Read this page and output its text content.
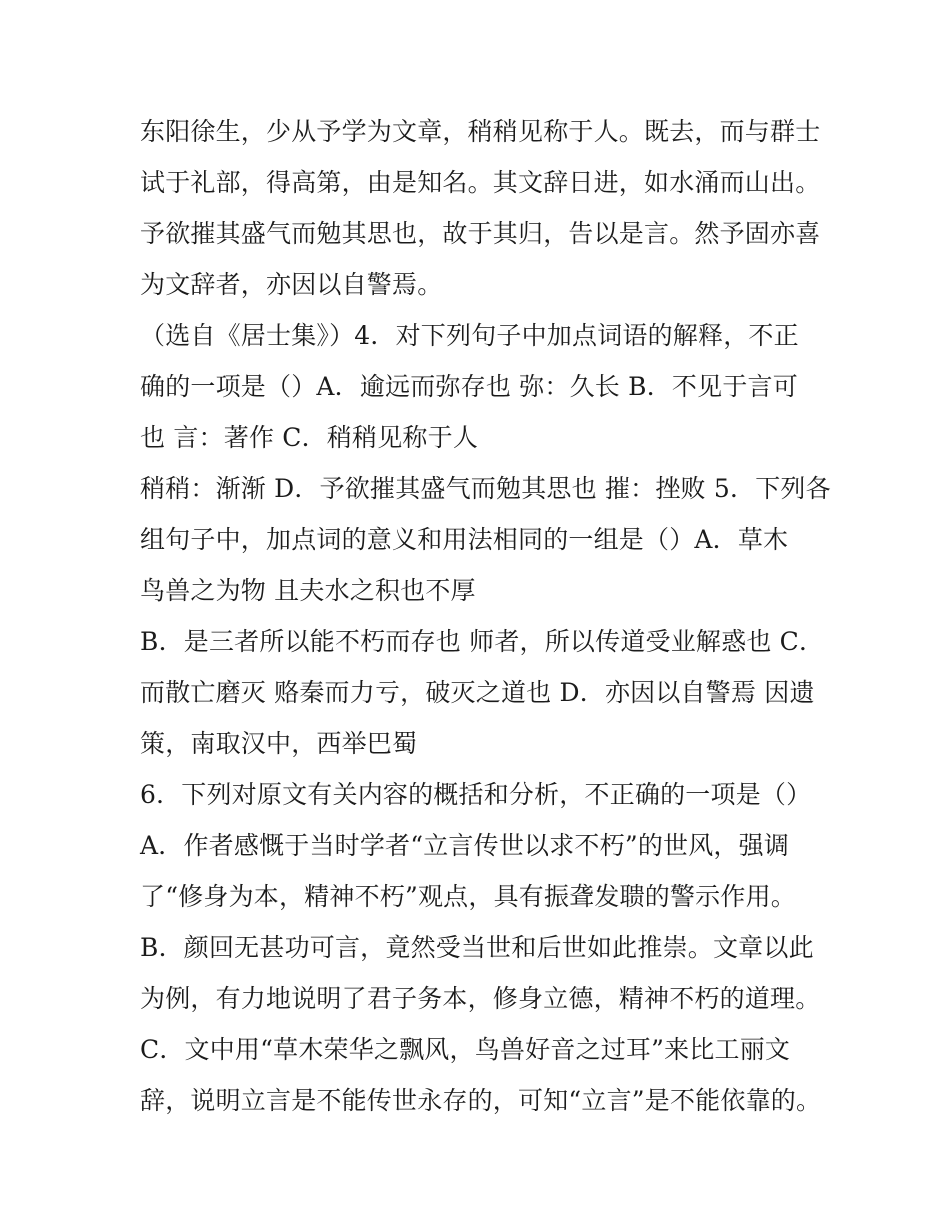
东阳徐生，少从予学为文章，稍稍见称于人。既去，而与群士
试于礼部，得高第，由是知名。其文辞日进，如水涌而山出。
予欲摧其盛气而勉其思也，故于其归，告以是言。然予固亦喜
为文辞者，亦因以自警焉。
（选自《居士集》）4．对下列句子中加点词语的解释，不正
确的一项是（）A．逾远而弥存也 弥：久长 B．不见于言可
也 言：著作 C．稍稍见称于人
稍稍：渐渐 D．予欲摧其盛气而勉其思也 摧：挫败 5．下列各
组句子中，加点词的意义和用法相同的一组是（）A．草木
鸟兽之为物 且夫水之积也不厚
B．是三者所以能不朽而存也 师者，所以传道受业解惑也 C．
而散亡磨灭 赂秦而力亏，破灭之道也 D．亦因以自警焉 因遗
策，南取汉中，西举巴蜀
6．下列对原文有关内容的概括和分析，不正确的一项是（）
A．作者感慨于当时学者“立言传世以求不朽”的世风，强调
了“修身为本，精神不朽”观点，具有振聋发聩的警示作用。
B．颜回无甚功可言，竟然受当世和后世如此推崇。文章以此
为例，有力地说明了君子务本，修身立德，精神不朽的道理。
C．文中用“草木荣华之飘风，鸟兽好音之过耳”来比工丽文
辞，说明立言是不能传世永存的，可知“立言”是不能依靠的。
